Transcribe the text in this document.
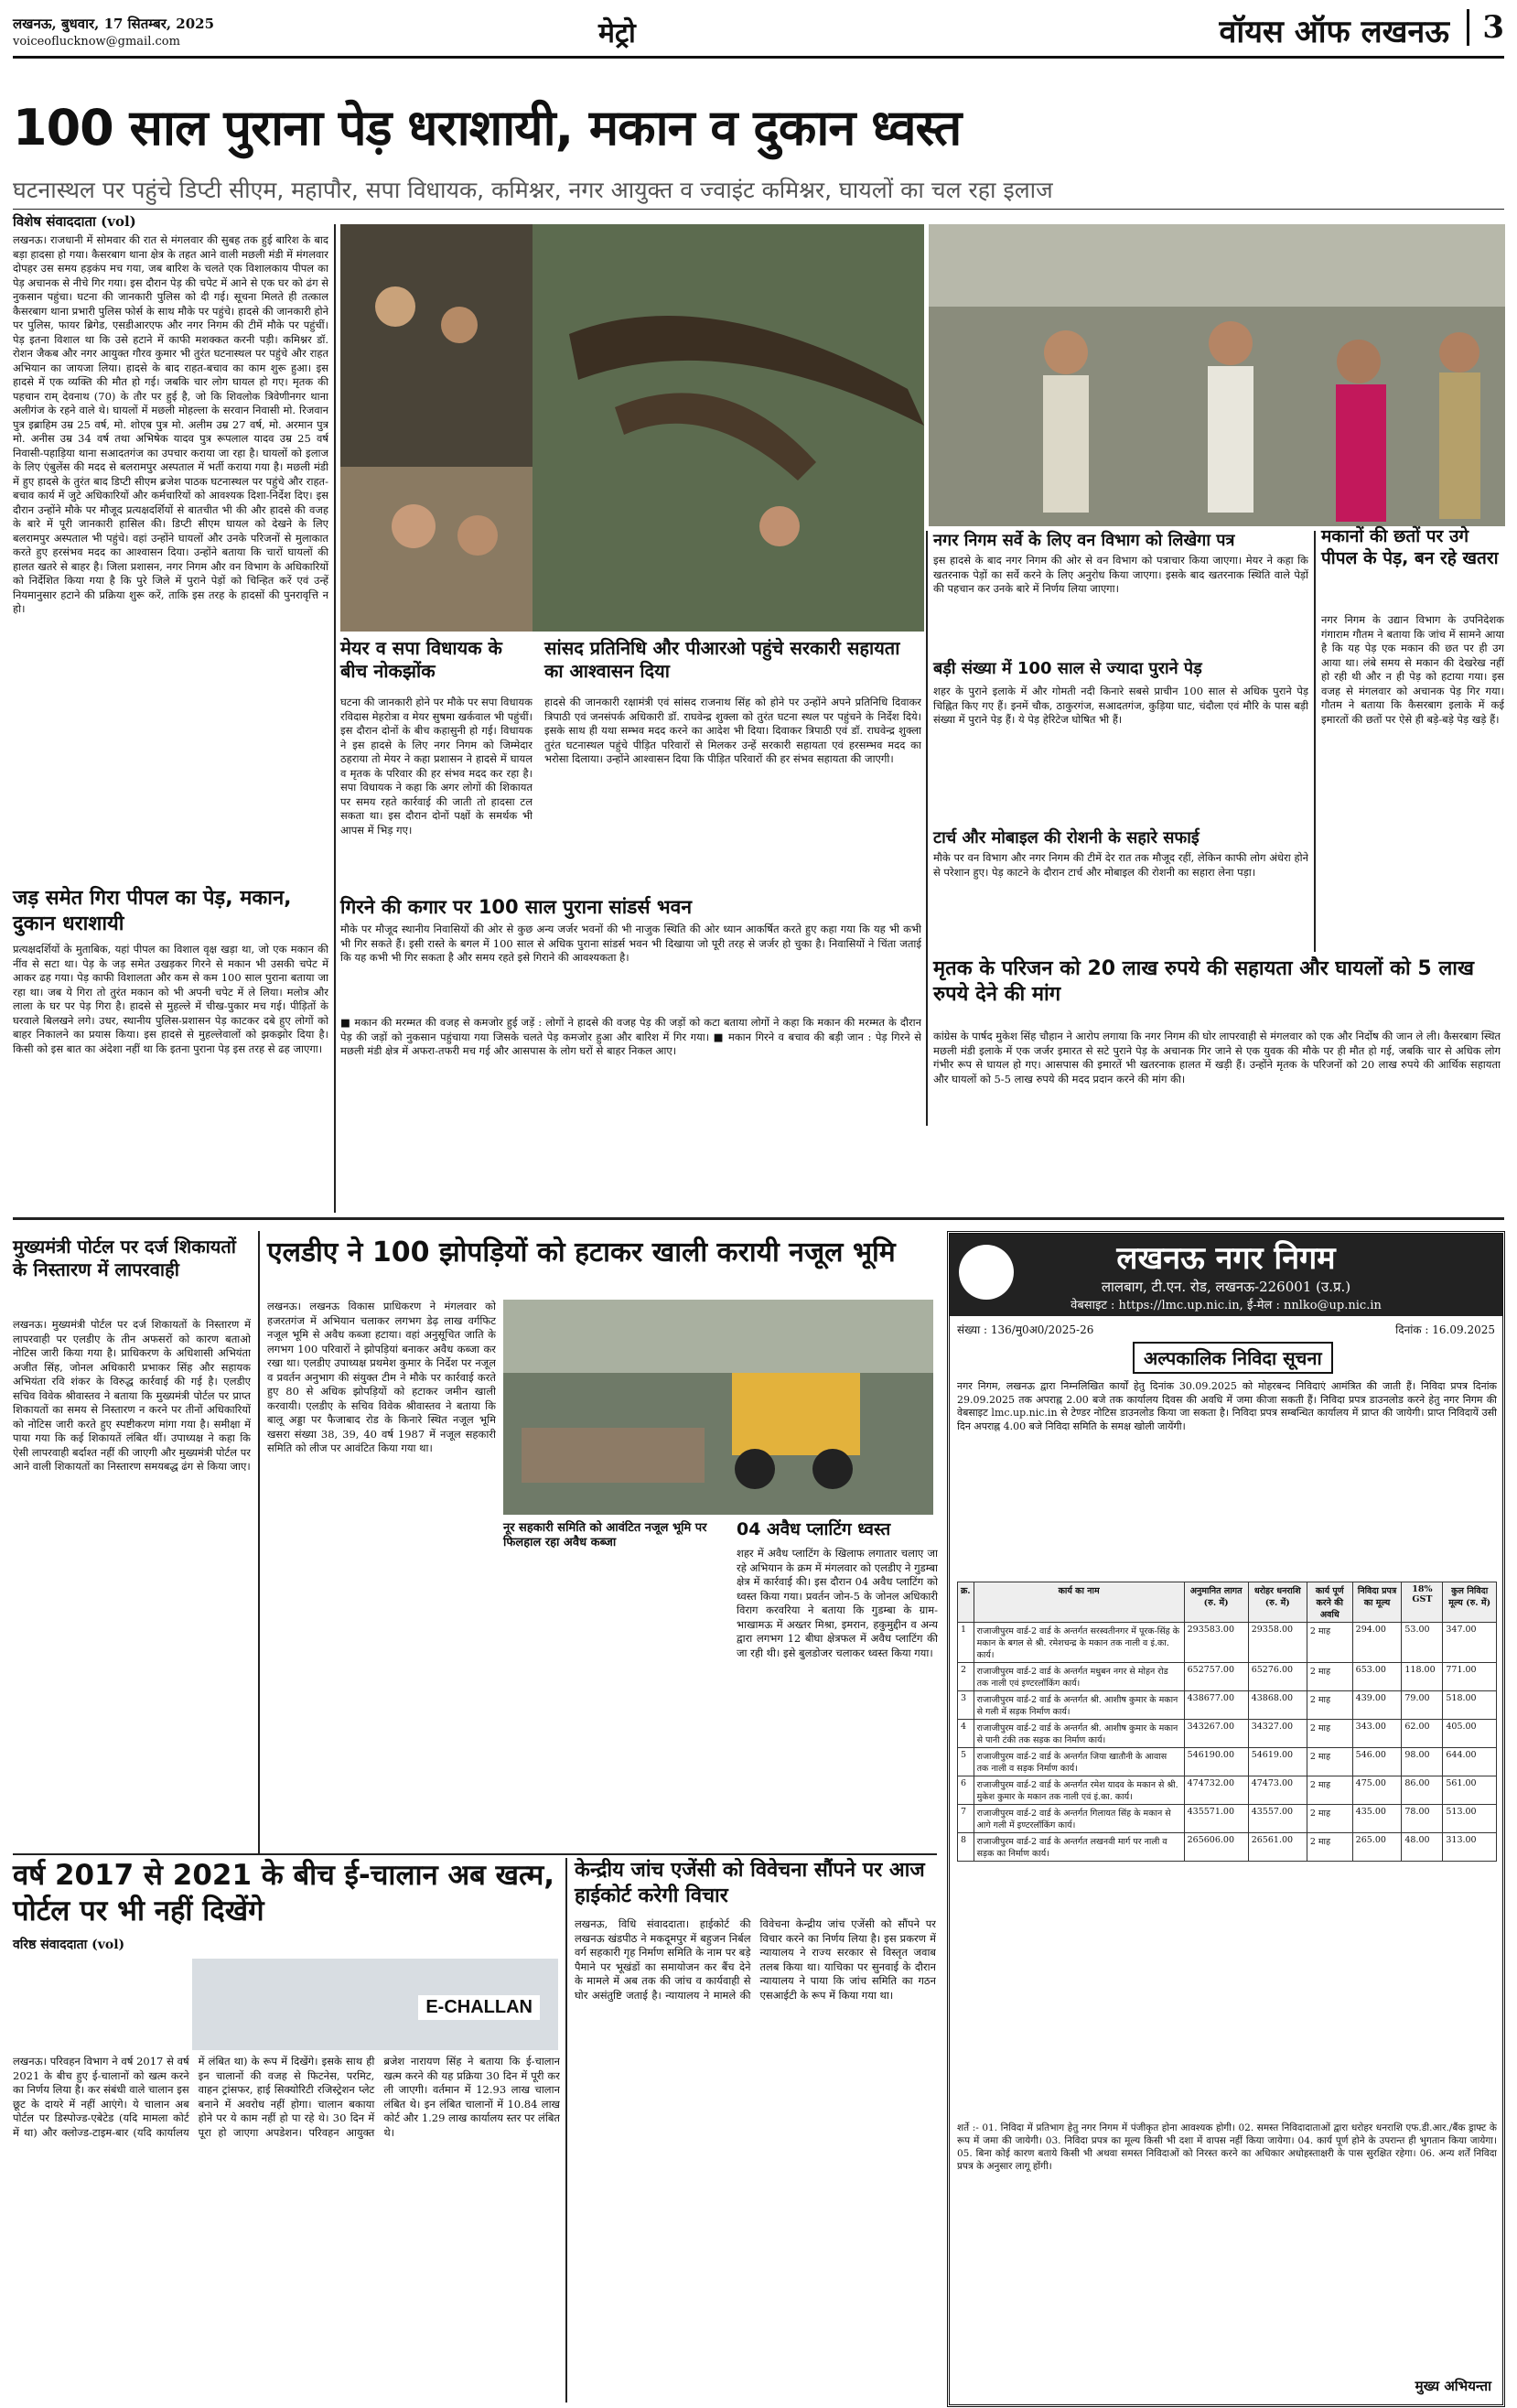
लखनऊ, बुधवार, 17 सितम्बर, 2025
voiceoflucknow@gmail.com	मेट्रो	वॉयस ऑफ लखनऊ	3
100 साल पुराना पेड़ धराशायी, मकान व दुकान ध्वस्त
घटनास्थल पर पहुंचे डिप्टी सीएम, महापौर, सपा विधायक, कमिश्नर, नगर आयुक्त व ज्वाइंट कमिश्नर, घायलों का चल रहा इलाज
विशेष संवाददाता (vol)
लखनऊ। राजधानी में सोमवार की रात से मंगलवार की सुबह तक हुई बारिश के बाद बड़ा हादसा हो गया। कैसरबाग थाना क्षेत्र के तहत आने वाली मछली मंडी में मंगलवार दोपहर उस समय हड़कंप मच गया, जब बारिश के चलते एक विशालकाय पीपल का पेड़ अचानक से नीचे गिर गया। इस दौरान पेड़ की चपेट में आने से एक घर को ढंग से नुकसान पहुंचा। घटना की जानकारी पुलिस को दी गई। सूचना मिलते ही तत्काल कैसरबाग थाना प्रभारी पुलिस फोर्स के साथ मौके पर पहुंचे। हादसे की जानकारी होने पर पुलिस, फायर ब्रिगेड, एसडीआरएफ और नगर निगम की टीमें मौके पर पहुंचीं। पेड़ इतना विशाल था कि उसे हटाने में काफी मशक्कत करनी पड़ी। कमिश्नर डॉ. रोशन जैकब और नगर आयुक्त गौरव कुमार भी तुरंत घटनास्थल पर पहुंचे और राहत अभियान का जायजा लिया। हादसे के बाद राहत-बचाव का काम शुरू हुआ। इस हादसे में एक व्यक्ति की मौत हो गई। जबकि चार लोग घायल हो गए। मृतक की पहचान राम् देवनाथ (70) के तौर पर हुई है, जो कि शिवलोक त्रिवेणीनगर थाना अलीगंज के रहने वाले थे। घायलों में मछली मोहल्ला के सरवान निवासी मो. रिजवान पुत्र इब्राहिम उम्र 25 वर्ष, मो. शोएब पुत्र मो. अलीम उम्र 27 वर्ष, मो. अरमान पुत्र मो. अनीस उम्र 34 वर्ष तथा अभिषेक यादव पुत्र रूपलाल यादव उम्र 25 वर्ष निवासी-पहाड़िया थाना सआदतगंज का उपचार कराया जा रहा है। घायलों को इलाज के लिए एंबुलेंस की मदद से बलरामपुर अस्पताल में भर्ती कराया गया है। मछली मंडी में हुए हादसे के तुरंत बाद डिप्टी सीएम ब्रजेश पाठक घटनास्थल पर पहुंचे और राहत-बचाव कार्य में जुटे अधिकारियों और कर्मचारियों को आवश्यक दिशा-निर्देश दिए। इस दौरान उन्होंने मौके पर मौजूद प्रत्यक्षदर्शियों से बातचीत भी की और हादसे की वजह के बारे में पूरी जानकारी हासिल की। डिप्टी सीएम घायल को देखने के लिए बलरामपुर अस्पताल भी पहुंचे। वहां उन्होंने घायलों और उनके परिजनों से मुलाकात करते हुए हरसंभव मदद का आश्वासन दिया। उन्होंने बताया कि चारों घायलों की हालत खतरे से बाहर है। जिला प्रशासन, नगर निगम और वन विभाग के अधिकारियों को निर्देशित किया गया है कि पुरे जिले में पुराने पेड़ों को चिन्हित करें एवं उन्हें नियमानुसार हटाने की प्रक्रिया शुरू करें, ताकि इस तरह के हादसों की पुनरावृत्ति न हो।
जड़ समेत गिरा पीपल का पेड़, मकान, दुकान धराशायी
प्रत्यक्षदर्शियों के मुताबिक, यहां पीपल का विशाल वृक्ष खड़ा था, जो एक मकान की नींव से सटा था। पेड़ के जड़ समेत उखड़कर गिरने से मकान भी उसकी चपेट में आकर ढह गया। पेड़ काफी विशालता और कम से कम 100 साल पुराना बताया जा रहा था। जब ये गिरा तो तुरंत मकान को भी अपनी चपेट में ले लिया। मलोत्र और लाला के घर पर पेड़ गिरा है। हादसे से मुहल्ले में चीख-पुकार मच गई। पीड़ितों के घरवाले बिलखने लगे। उधर, स्थानीय पुलिस-प्रशासन पेड़ काटकर दबे हुए लोगों को बाहर निकालने का प्रयास किया। इस हादसे से मुहल्लेवालों को झकझोर दिया है। किसी को इस बात का अंदेशा नहीं था कि इतना पुराना पेड़ इस तरह से ढह जाएगा।
मेयर व सपा विधायक के बीच नोकझोंक
घटना की जानकारी होने पर मौके पर सपा विधायक रविदास मेहरोत्रा व मेयर सुषमा खर्कवाल भी पहुंचीं। इस दौरान दोनों के बीच कहासुनी हो गई। विधायक ने इस हादसे के लिए नगर निगम को जिम्मेदार ठहराया तो मेयर ने कहा प्रशासन ने हादसे में घायल व मृतक के परिवार की हर संभव मदद कर रहा है। सपा विधायक ने कहा कि अगर लोगों की शिकायत पर समय रहते कार्रवाई की जाती तो हादसा टल सकता था। इस दौरान दोनों पक्षों के समर्थक भी आपस में भिड़ गए।
सांसद प्रतिनिधि और पीआरओ पहुंचे सरकारी सहायता का आश्वासन दिया
हादसे की जानकारी रक्षामंत्री एवं सांसद राजनाथ सिंह को होने पर उन्होंने अपने प्रतिनिधि दिवाकर त्रिपाठी एवं जनसंपर्क अधिकारी डॉ. राघवेन्द्र शुक्ला को तुरंत घटना स्थल पर पहुंचने के निर्देश दिये। इसके साथ ही यथा सम्भव मदद करने का आदेश भी दिया। दिवाकर त्रिपाठी एवं डॉ. राघवेन्द्र शुक्ला तुरंत घटनास्थल पहुंचे पीड़ित परिवारों से मिलकर उन्हें सरकारी सहायता एवं हरसम्भव मदद का भरोसा दिलाया। उन्होंने आश्वासन दिया कि पीड़ित परिवारों की हर संभव सहायता की जाएगी।
गिरने की कगार पर 100 साल पुराना सांडर्स भवन
मौके पर मौजूद स्थानीय निवासियों की ओर से कुछ अन्य जर्जर भवनों की भी नाजुक स्थिति की ओर ध्यान आकर्षित करते हुए कहा गया कि यह भी कभी भी गिर सकते हैं। इसी रास्ते के बगल में 100 साल से अधिक पुराना सांडर्स भवन भी दिखाया जो पूरी तरह से जर्जर हो चुका है। निवासियों ने चिंता जताई कि यह कभी भी गिर सकता है और समय रहते इसे गिराने की आवश्यकता है।
■ मकान की मरम्मत की वजह से कमजोर हुई जड़ें : लोगों ने हादसे की वजह पेड़ की जड़ों को कटा बताया लोगों ने कहा कि मकान की मरम्मत के दौरान पेड़ की जड़ों को नुकसान पहुंचाया गया जिसके चलते पेड़ कमजोर हुआ और बारिश में गिर गया। ■ मकान गिरने व बचाव की बड़ी जान : पेड़ गिरने से मछली मंडी क्षेत्र में अफरा-तफरी मच गई और आसपास के लोग घरों से बाहर निकल आए।
नगर निगम सर्वे के लिए वन विभाग को लिखेगा पत्र
इस हादसे के बाद नगर निगम की ओर से वन विभाग को पत्राचार किया जाएगा। मेयर ने कहा कि खतरनाक पेड़ों का सर्वे करने के लिए अनुरोध किया जाएगा। इसके बाद खतरनाक स्थिति वाले पेड़ों की पहचान कर उनके बारे में निर्णय लिया जाएगा।
बड़ी संख्या में 100 साल से ज्यादा पुराने पेड़
शहर के पुराने इलाके में और गोमती नदी किनारे सबसे प्राचीन 100 साल से अधिक पुराने पेड़ चिह्नित किए गए हैं। इनमें चौक, ठाकुरगंज, सआदतगंज, कुड़िया घाट, चंदौला एवं मौरि के पास बड़ी संख्या में पुराने पेड़ हैं। ये पेड़ हेरिटेज घोषित भी हैं।
टार्च और मोबाइल की रोशनी के सहारे सफाई
मौके पर वन विभाग और नगर निगम की टीमें देर रात तक मौजूद रहीं, लेकिन काफी लोग अंधेरा होने से परेशान हुए। पेड़ काटने के दौरान टार्च और मोबाइल की रोशनी का सहारा लेना पड़ा।
मकानों की छतों पर उगे पीपल के पेड़, बन रहे खतरा
नगर निगम के उद्यान विभाग के उपनिदेशक गंगाराम गौतम ने बताया कि जांच में सामने आया है कि यह पेड़ एक मकान की छत पर ही उग आया था। लंबे समय से मकान की देखरेख नहीं हो रही थी और न ही पेड़ को हटाया गया। इस वजह से मंगलवार को अचानक पेड़ गिर गया। गौतम ने बताया कि कैसरबाग इलाके में कई इमारतों की छतों पर ऐसे ही बड़े-बड़े पेड़ खड़े हैं।
मृतक के परिजन को 20 लाख रुपये की सहायता और घायलों को 5 लाख रुपये देने की मांग
कांग्रेस के पार्षद मुकेश सिंह चौहान ने आरोप लगाया कि नगर निगम की घोर लापरवाही से मंगलवार को एक और निर्दोष की जान ले ली। कैसरबाग स्थित मछली मंडी इलाके में एक जर्जर इमारत से सटे पुराने पेड़ के अचानक गिर जाने से एक युवक की मौके पर ही मौत हो गई, जबकि चार से अधिक लोग गंभीर रूप से घायल हो गए। आसपास की इमारतें भी खतरनाक हालत में खड़ी हैं। उन्होंने मृतक के परिजनों को 20 लाख रुपये की आर्थिक सहायता और घायलों को 5-5 लाख रुपये की मदद प्रदान करने की मांग की।
मुख्यमंत्री पोर्टल पर दर्ज शिकायतों के निस्तारण में लापरवाही
लखनऊ। मुख्यमंत्री पोर्टल पर दर्ज शिकायतों के निस्तारण में लापरवाही पर एलडीए के तीन अफसरों को कारण बताओ नोटिस जारी किया गया है। प्राधिकरण के अधिशासी अभियंता अजीत सिंह, जोनल अधिकारी प्रभाकर सिंह और सहायक अभियंता रवि शंकर के विरुद्ध कार्रवाई की गई है। एलडीए सचिव विवेक श्रीवास्तव ने बताया कि मुख्यमंत्री पोर्टल पर प्राप्त शिकायतों का समय से निस्तारण न करने पर तीनों अधिकारियों को नोटिस जारी करते हुए स्पष्टीकरण मांगा गया है। समीक्षा में पाया गया कि कई शिकायतें लंबित थीं। उपाध्यक्ष ने कहा कि ऐसी लापरवाही बर्दाश्त नहीं की जाएगी और मुख्यमंत्री पोर्टल पर आने वाली शिकायतों का निस्तारण समयबद्ध ढंग से किया जाए।
एलडीए ने 100 झोपड़ियों को हटाकर खाली करायी नजूल भूमि
लखनऊ। लखनऊ विकास प्राधिकरण ने मंगलवार को हजरतगंज में अभियान चलाकर लगभग डेढ़ लाख वर्गफिट नजूल भूमि से अवैध कब्जा हटाया। वहां अनुसूचित जाति के लगभग 100 परिवारों ने झोपड़ियां बनाकर अवैध कब्जा कर रखा था। एलडीए उपाध्यक्ष प्रथमेश कुमार के निर्देश पर नजूल व प्रवर्तन अनुभाग की संयुक्त टीम ने मौके पर कार्रवाई करते हुए 80 से अधिक झोपड़ियों को हटाकर जमीन खाली करवायी। एलडीए के सचिव विवेक श्रीवास्तव ने बताया कि बालू अड्डा पर फैजाबाद रोड के किनारे स्थित नजूल भूमि खसरा संख्या 38, 39, 40 वर्ष 1987 में नजूल सहकारी समिति को लीज पर आवंटित किया गया था।
नूर सहकारी समिति को आवंटित नजूल भूमि पर फिलहाल रहा अवैध कब्जा
04 अवैध प्लाटिंग ध्वस्त
शहर में अवैध प्लाटिंग के खिलाफ लगातार चलाए जा रहे अभियान के क्रम में मंगलवार को एलडीए ने गुडम्बा क्षेत्र में कार्रवाई की। इस दौरान 04 अवैध प्लाटिंग को ध्वस्त किया गया। प्रवर्तन जोन-5 के जोनल अधिकारी विराग करवरिया ने बताया कि गुडम्बा के ग्राम-भाखामऊ में अख्तर मिश्रा, इमरान, हकुमुद्दीन व अन्य द्वारा लगभग 12 बीघा क्षेत्रफल में अवैध प्लाटिंग की जा रही थी। इसे बुलडोजर चलाकर ध्वस्त किया गया।
वर्ष 2017 से 2021 के बीच ई-चालान अब खत्म, पोर्टल पर भी नहीं दिखेंगे
वरिष्ठ संवाददाता (vol)
E-CHALLAN
लखनऊ। परिवहन विभाग ने वर्ष 2017 से वर्ष 2021 के बीच हुए ई-चालानों को खत्म करने का निर्णय लिया है। कर संबंधी वाले चालान इस छूट के दायरे में नहीं आएंगे। ये चालान अब पोर्टल पर डिस्पोज्ड-एबेटेड (यदि मामला कोर्ट में था) और क्लोज्ड-टाइम-बार (यदि कार्यालय में लंबित था) के रूप में दिखेंगे। इसके साथ ही इन चालानों की वजह से फिटनेस, परमिट, वाहन ट्रांसफर, हाई सिक्योरिटी रजिस्ट्रेशन प्लेट बनाने में अवरोध नहीं होगा। चालान बकाया होने पर ये काम नहीं हो पा रहे थे। 30 दिन में पूरा हो जाएगा अपडेशन। परिवहन आयुक्त ब्रजेश नारायण सिंह ने बताया कि ई-चालान खत्म करने की यह प्रक्रिया 30 दिन में पूरी कर ली जाएगी। वर्तमान में 12.93 लाख चालान लंबित थे। इन लंबित चालानों में 10.84 लाख कोर्ट और 1.29 लाख कार्यालय स्तर पर लंबित थे।
केन्द्रीय जांच एजेंसी को विवेचना सौंपने पर आज हाईकोर्ट करेगी विचार
लखनऊ, विधि संवाददाता। हाईकोर्ट की लखनऊ खंडपीठ ने मकदूमपुर में बहुजन निर्बल वर्ग सहकारी गृह निर्माण समिति के नाम पर बड़े पैमाने पर भूखंडों का समायोजन कर बैंच देने के मामले में अब तक की जांच व कार्यवाही से घोर असंतुष्टि जताई है। न्यायालय ने मामले की विवेचना केन्द्रीय जांच एजेंसी को सौंपने पर विचार करने का निर्णय लिया है। इस प्रकरण में न्यायालय ने राज्य सरकार से विस्तृत जवाब तलब किया था। याचिका पर सुनवाई के दौरान न्यायालय ने पाया कि जांच समिति का गठन एसआईटी के रूप में किया गया था।
लखनऊ नगर निगम
लालबाग, टी.एन. रोड, लखनऊ-226001 (उ.प्र.)
वेबसाइट : https://lmc.up.nic.in, ई-मेल : nnlko@up.nic.in
संख्या : 136/मु0अ0/2025-26	दिनांक : 16.09.2025
अल्पकालिक निविदा सूचना
नगर निगम, लखनऊ द्वारा निम्नलिखित कार्यों हेतु दिनांक 30.09.2025 को मोहरबन्द निविदाएं आमंत्रित की जाती हैं। निविदा प्रपत्र दिनांक 29.09.2025 तक अपराह्न 2.00 बजे तक कार्यालय दिवस की अवधि में जमा कीजा सकती हैं। निविदा प्रपत्र डाउनलोड करने हेतु नगर निगम की वेबसाइट lmc.up.nic.in से टेण्डर नोटिस डाउनलोड किया जा सकता है। निविदा प्रपत्र सम्बन्धित कार्यालय में प्राप्त की जायेगी। प्राप्त निविदायें उसी दिन अपराह्न 4.00 बजे निविदा समिति के समक्ष खोली जायेंगी।
क्र.	कार्य का नाम	अनुमानित लागत (रु. में)	धरोहर धनराशि (रु. में)	कार्य पूर्ण करने की अवधि	निविदा प्रपत्र का मूल्य	18% GST	कुल निविदा मूल्य (रु. में)
1	राजाजीपुरम वार्ड-2 वार्ड के अन्तर्गत सरस्वतीनगर में पूरक-सिंह के मकान के बगल से श्री. रमेशचन्द्र के मकान तक नाली व इं.का. कार्य।	293583.00	29358.00	2 माह	294.00	53.00	347.00
2	राजाजीपुरम वार्ड-2 वार्ड के अन्तर्गत मधुबन नगर से मोहन रोड तक नाली एवं इण्टरलॉकिंग कार्य।	652757.00	65276.00	2 माह	653.00	118.00	771.00
3	राजाजीपुरम वार्ड-2 वार्ड के अन्तर्गत श्री. आशीष कुमार के मकान से गली में सड़क निर्माण कार्य।	438677.00	43868.00	2 माह	439.00	79.00	518.00
4	राजाजीपुरम वार्ड-2 वार्ड के अन्तर्गत श्री. आशीष कुमार के मकान से पानी टंकी तक सड़क का निर्माण कार्य।	343267.00	34327.00	2 माह	343.00	62.00	405.00
5	राजाजीपुरम वार्ड-2 वार्ड के अन्तर्गत जिया खातौनी के आवास तक नाली व सड़क निर्माण कार्य।	546190.00	54619.00	2 माह	546.00	98.00	644.00
6	राजाजीपुरम वार्ड-2 वार्ड के अन्तर्गत रमेश यादव के मकान से श्री. मुकेश कुमार के मकान तक नाली एवं इं.का. कार्य।	474732.00	47473.00	2 माह	475.00	86.00	561.00
7	राजाजीपुरम वार्ड-2 वार्ड के अन्तर्गत गिलायत सिंह के मकान से आगे गली में इण्टरलॉकिंग कार्य।	435571.00	43557.00	2 माह	435.00	78.00	513.00
8	राजाजीपुरम वार्ड-2 वार्ड के अन्तर्गत लखनवी मार्ग पर नाली व सड़क का निर्माण कार्य।	265606.00	26561.00	2 माह	265.00	48.00	313.00
शर्ते :- 01. निविदा में प्रतिभाग हेतु नगर निगम में पंजीकृत होना आवश्यक होगी। 02. समस्त निविदादाताओं द्वारा धरोहर धनराशि एफ.डी.आर./बैंक ड्राफ्ट के रूप में जमा की जायेगी। 03. निविदा प्रपत्र का मूल्य किसी भी दशा में वापस नहीं किया जायेगा। 04. कार्य पूर्ण होने के उपरान्त ही भुगतान किया जायेगा। 05. बिना कोई कारण बताये किसी भी अथवा समस्त निविदाओं को निरस्त करने का अधिकार अधोहस्ताक्षरी के पास सुरक्षित रहेगा। 06. अन्य शर्तें निविदा प्रपत्र के अनुसार लागू होंगी।
मुख्य अभियन्ता
